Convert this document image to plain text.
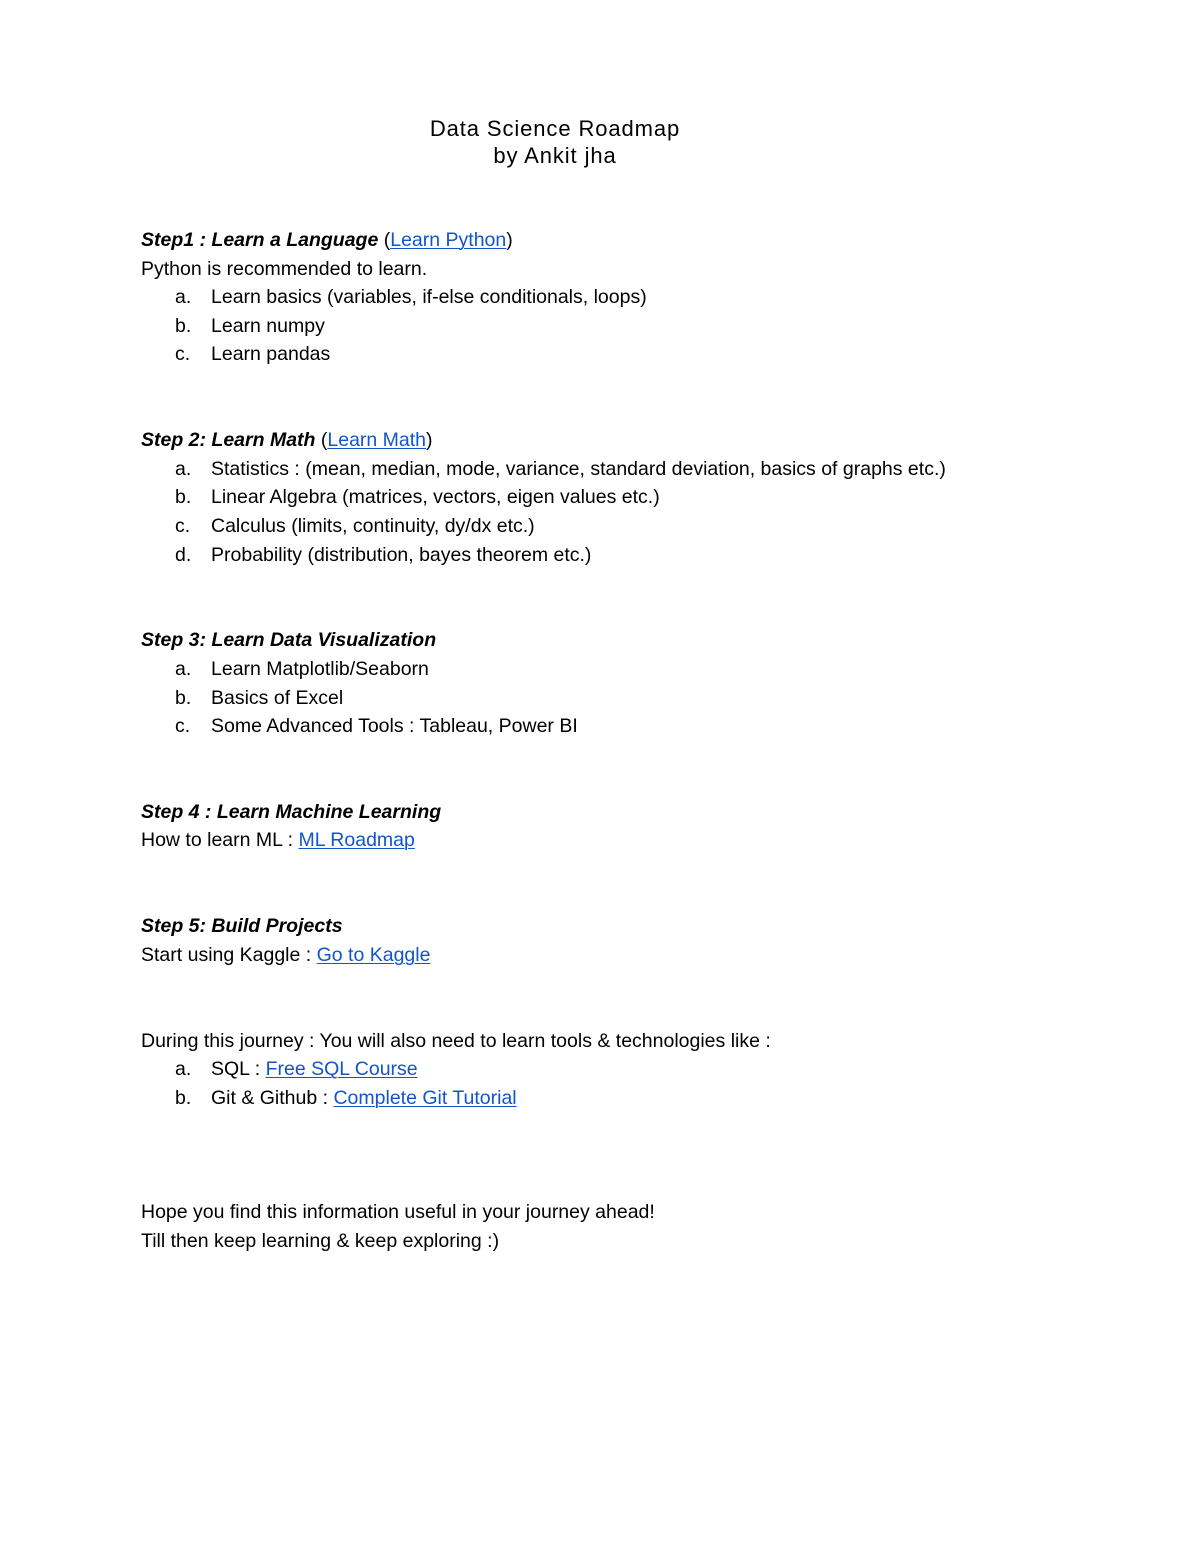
Data Science Roadmap
by Ankit jha
Step1 : Learn a Language (Learn Python)
Python is recommended to learn.
a.	Learn basics (variables, if-else conditionals, loops)
b.	Learn numpy
c.	Learn pandas
Step 2: Learn Math (Learn Math)
a.	Statistics : (mean, median, mode, variance, standard deviation, basics of graphs etc.)
b.	Linear Algebra (matrices, vectors, eigen values etc.)
c.	Calculus (limits, continuity, dy/dx etc.)
d.	Probability (distribution, bayes theorem etc.)
Step 3: Learn Data Visualization
a.	Learn Matplotlib/Seaborn
b.	Basics of Excel
c.	Some Advanced Tools : Tableau, Power BI
Step 4 : Learn Machine Learning
How to learn ML : ML Roadmap
Step 5: Build Projects
Start using Kaggle : Go to Kaggle
During this journey : You will also need to learn tools & technologies like :
a.	SQL : Free SQL Course
b.	Git & Github : Complete Git Tutorial
Hope you find this information useful in your journey ahead!
Till then keep learning & keep exploring :)
